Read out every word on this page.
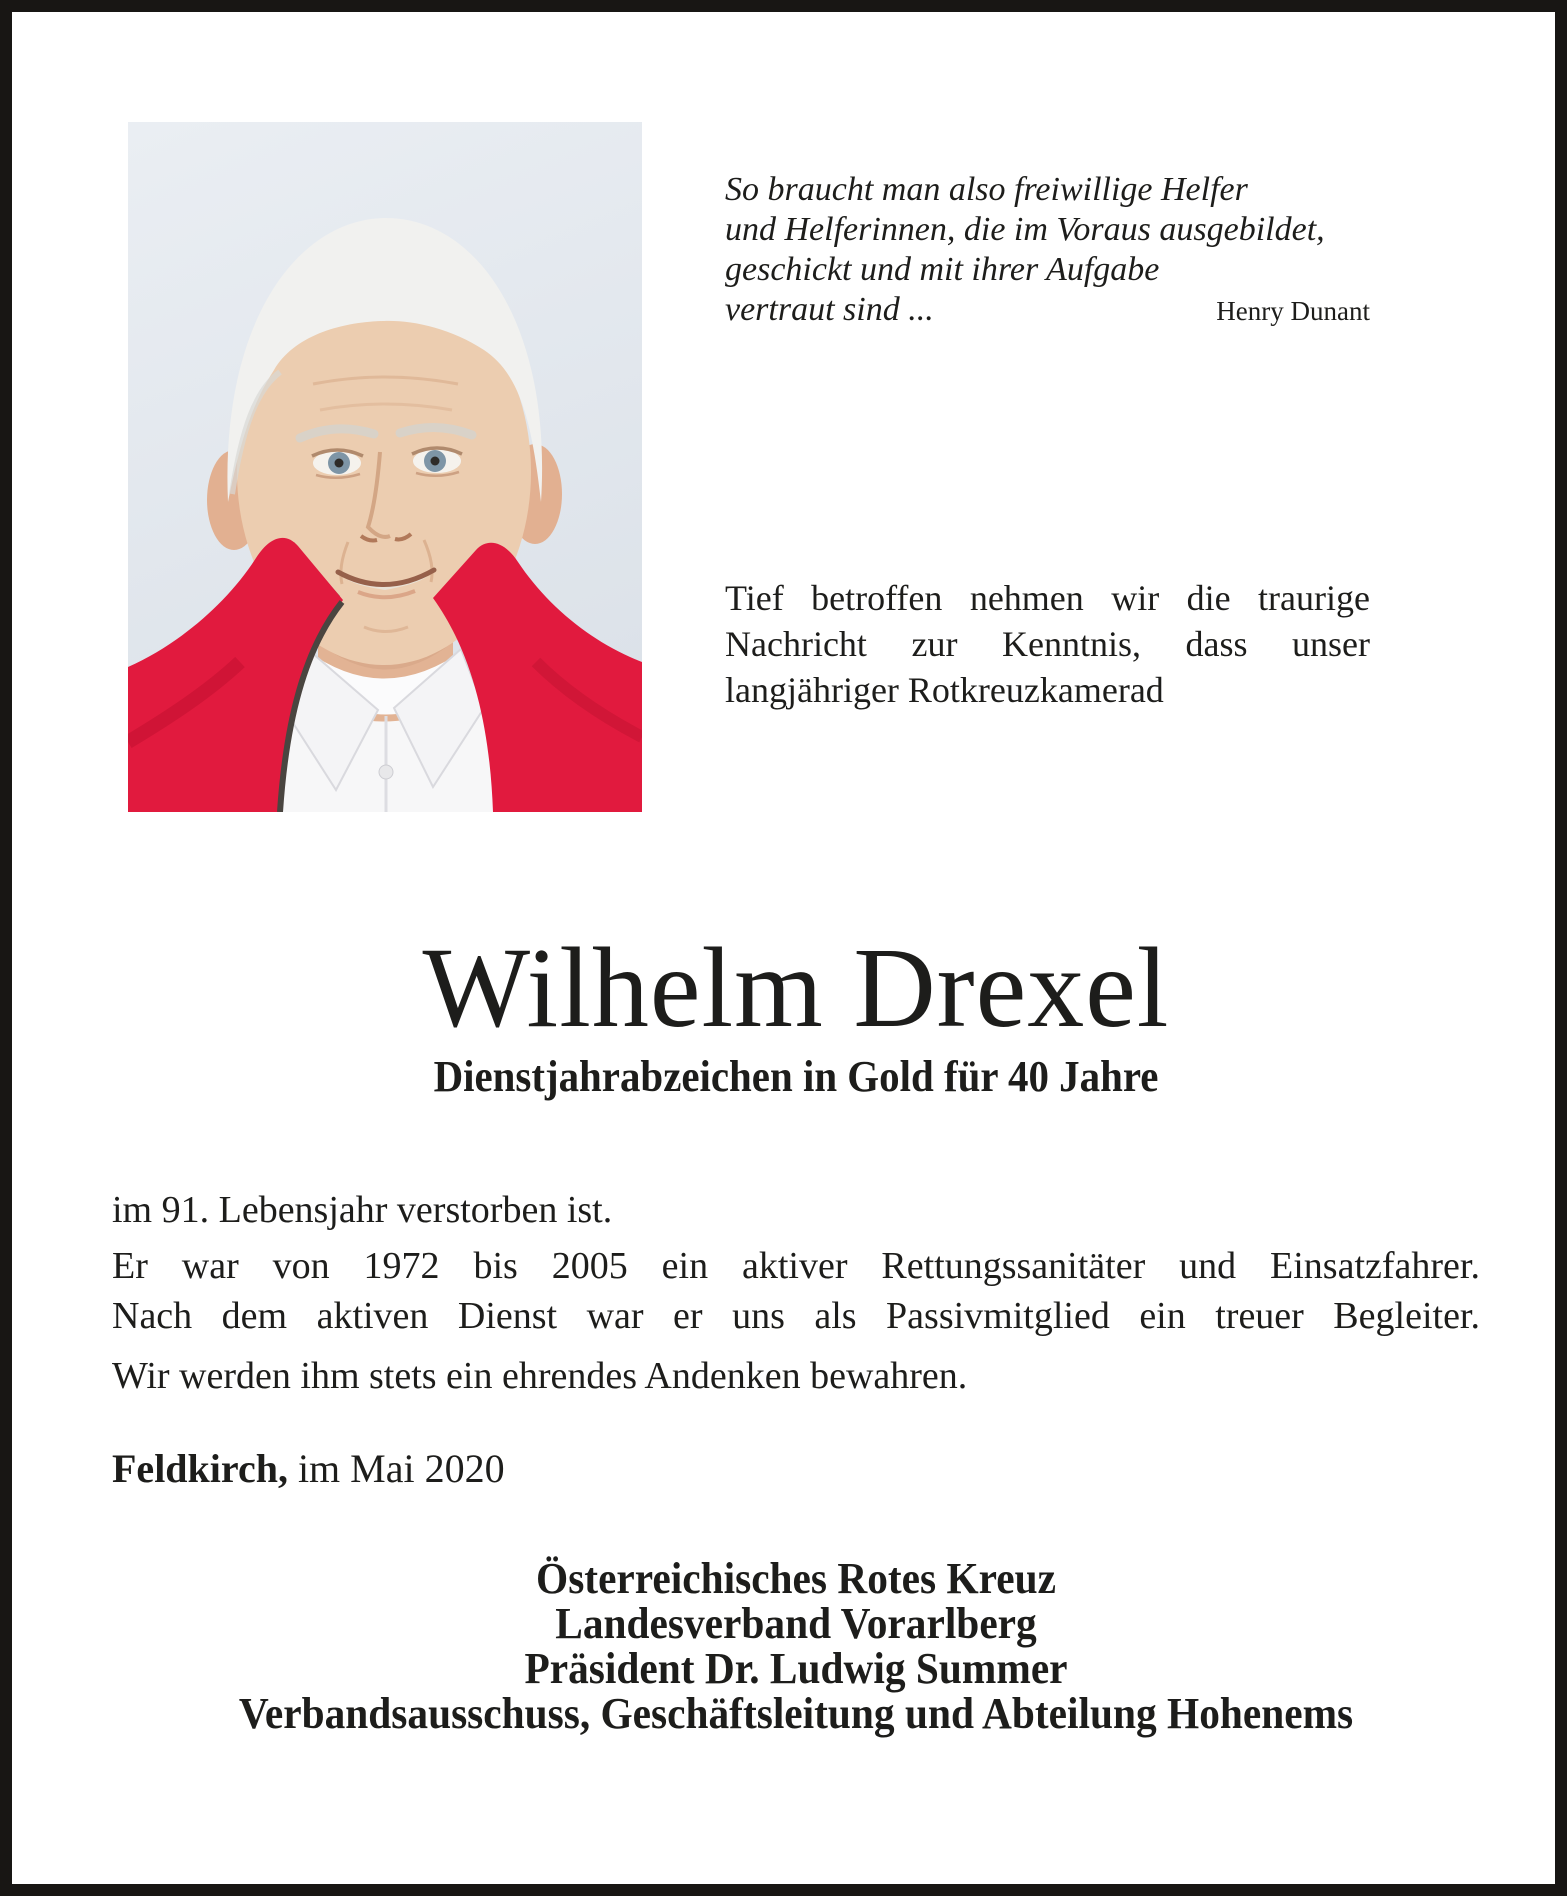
So braucht man also freiwillige Helfer
und Helferinnen, die im Voraus ausgebildet,
geschickt und mit ihrer Aufgabe
vertraut sind ...	Henry Dunant
Tief betroffen nehmen wir die traurige
Nachricht zur Kenntnis, dass unser
langjähriger Rotkreuzkamerad
Wilhelm Drexel
Dienstjahrabzeichen in Gold für 40 Jahre
im 91. Lebensjahr verstorben ist.
Er war von 1972 bis 2005 ein aktiver Rettungssanitäter und Einsatzfahrer.
Nach dem aktiven Dienst war er uns als Passivmitglied ein treuer Begleiter.
Wir werden ihm stets ein ehrendes Andenken bewahren.
Feldkirch, im Mai 2020
Österreichisches Rotes Kreuz
Landesverband Vorarlberg
Präsident Dr. Ludwig Summer
Verbandsausschuss, Geschäftsleitung und Abteilung Hohenems
